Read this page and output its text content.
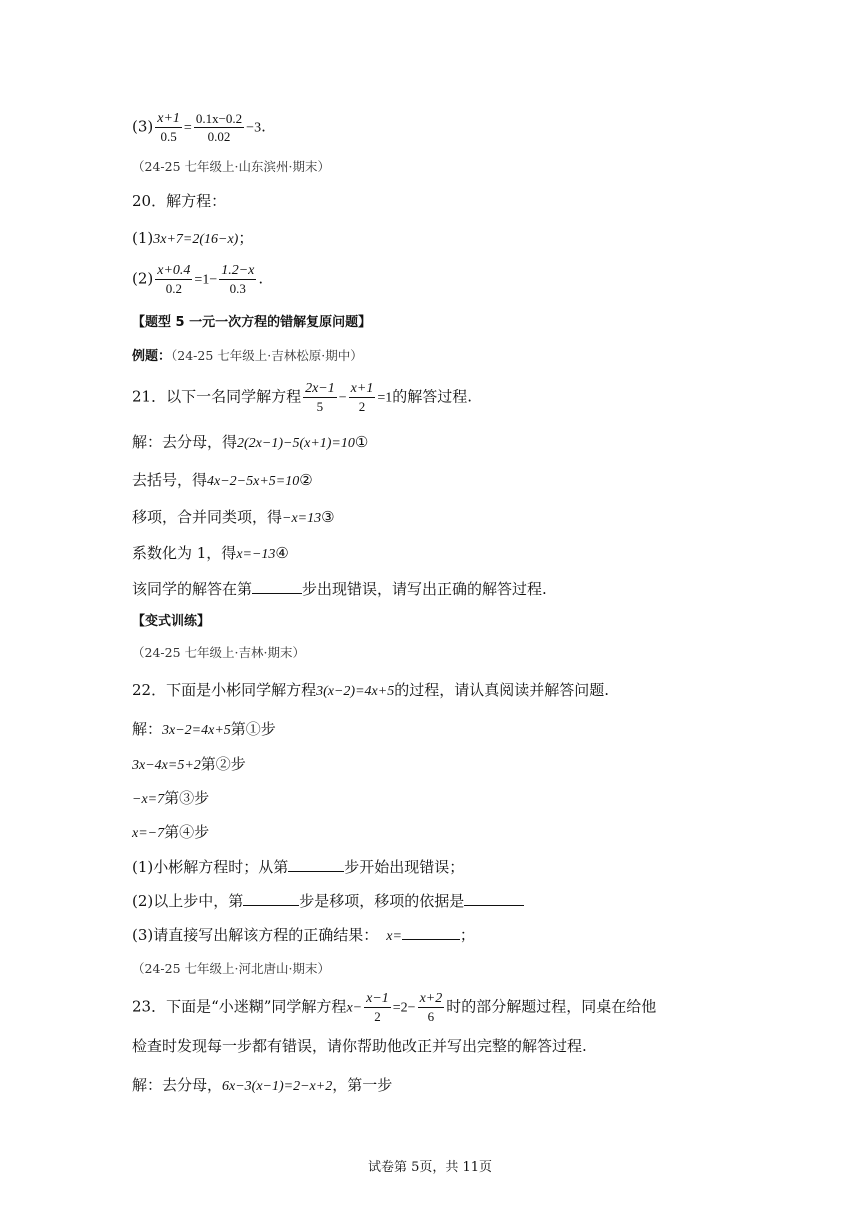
$(3) \frac{x+1}{0.5} = \frac{0.1x-0.2}{0.02} -3$.
（24-25 七年级上·山东滨州·期末）
20．解方程：
(1)3x+7=2(16−x)；
$(2) \frac{x+0.4}{0.2} =1- \frac{1.2-x}{0.3}$ .
【题型 5 一元一次方程的错解复原问题】
例题：（24-25 七年级上·吉林松原·期中）
21．以下一名同学解方程 $\frac{2x-1}{5} - \frac{x+1}{2} =1$的解答过程.
解：去分母，得2(2x−1)−5(x+1)=10①
去括号，得4x−2−5x+5=10②
移项，合并同类项，得−x=13③
系数化为 1，得x=−13④
该同学的解答在第	步出现错误，请写出正确的解答过程.
【变式训练】
（24-25 七年级上·吉林·期末）
22．下面是小彬同学解方程3(x−2)=4x+5的过程，请认真阅读并解答问题.
解：3x−2=4x+5第①步
3x−4x=5+2第②步
−x=7第③步
x=−7第④步
(1)小彬解方程时；从第	步开始出现错误；
(2)以上步中，第	步是移项，移项的依据是
(3)请直接写出解该方程的正确结果： x=	；
（24-25 七年级上·河北唐山·期末）
23．下面是“小迷糊”同学解方程$x- \frac{x-1}{2} =2- \frac{x+2}{6}$ 时的部分解题过程，同桌在给他
检查时发现每一步都有错误，请你帮助他改正并写出完整的解答过程.
解：去分母，6x−3(x−1)=2−x+2，第一步
试卷第 5页，共 11页
